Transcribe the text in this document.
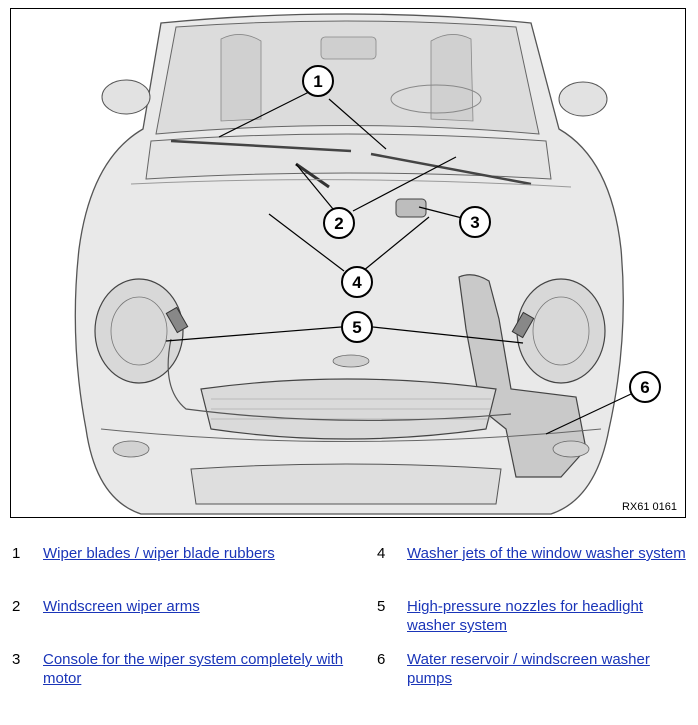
1
2	3
4
5
6
RX61 0161
1 Wiper blades / wiper blade rubbers
2 Windscreen wiper arms
3 Console for the wiper system completely with motor
4 Washer jets of the window washer system
5 High-pressure nozzles for headlight washer system
6 Water reservoir / windscreen washer pumps
